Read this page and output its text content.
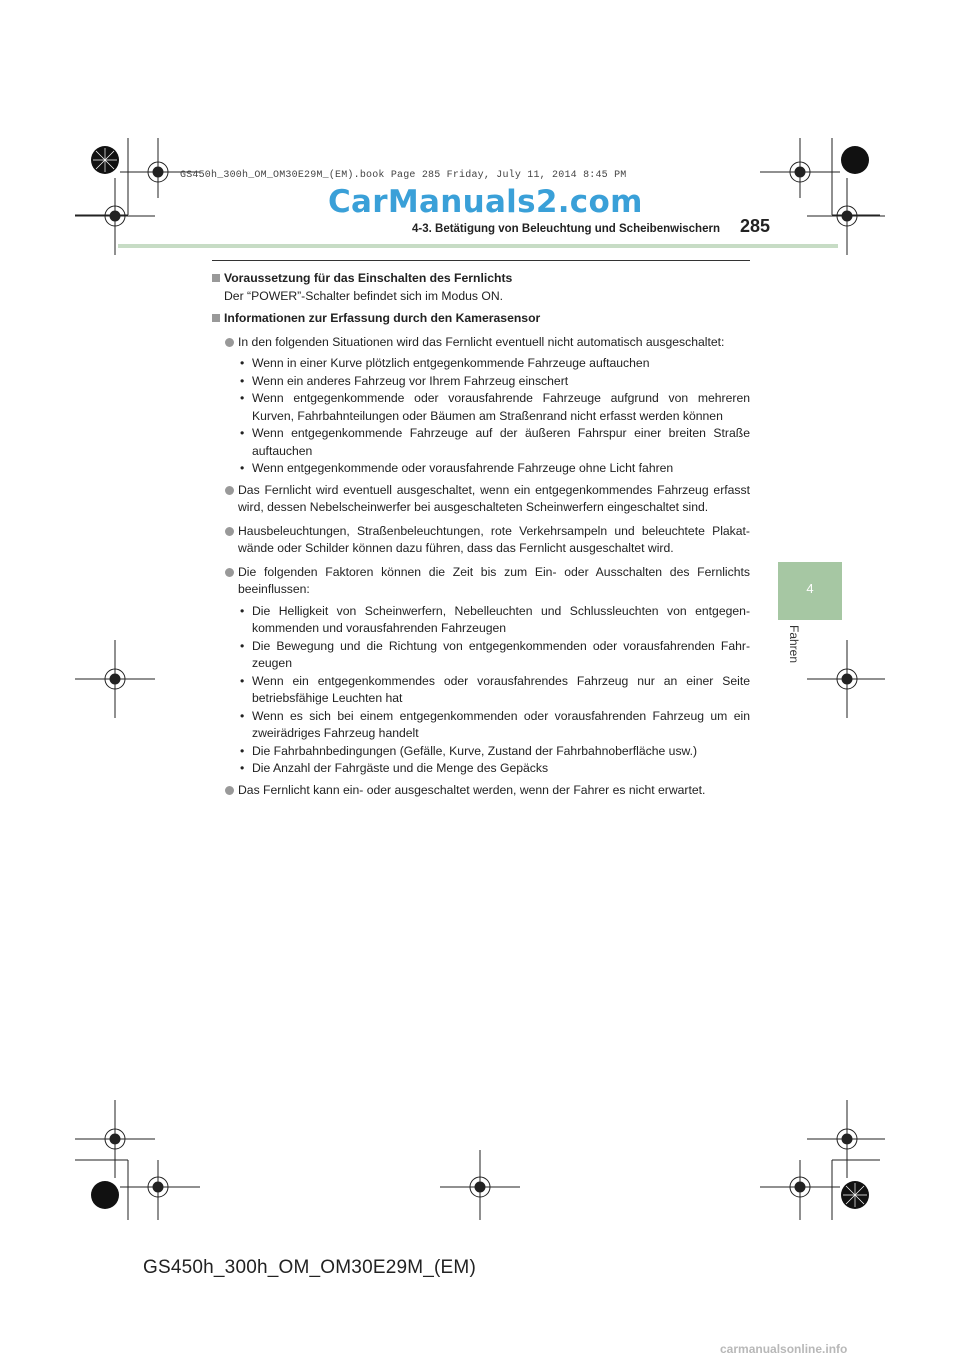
GS450h_300h_OM_OM30E29M_(EM).book Page 285 Friday, July 11, 2014 8:45 PM
CarManuals2.com
4-3. Betätigung von Beleuchtung und Scheibenwischern 285
4
Fahren
Voraussetzung für das Einschalten des Fernlichts
Der “POWER”-Schalter befindet sich im Modus ON.
Informationen zur Erfassung durch den Kamerasensor
In den folgenden Situationen wird das Fernlicht eventuell nicht automatisch ausgeschaltet:
• Wenn in einer Kurve plötzlich entgegenkommende Fahrzeuge auftauchen
• Wenn ein anderes Fahrzeug vor Ihrem Fahrzeug einschert
• Wenn entgegenkommende oder vorausfahrende Fahrzeuge aufgrund von mehreren Kurven, Fahrbahnteilungen oder Bäumen am Straßenrand nicht erfasst werden können
• Wenn entgegenkommende Fahrzeuge auf der äußeren Fahrspur einer breiten Straße auftauchen
• Wenn entgegenkommende oder vorausfahrende Fahrzeuge ohne Licht fahren
Das Fernlicht wird eventuell ausgeschaltet, wenn ein entgegenkommendes Fahrzeug erfasst wird, dessen Nebelscheinwerfer bei ausgeschalteten Scheinwerfern eingeschaltet sind.
Hausbeleuchtungen, Straßenbeleuchtungen, rote Verkehrsampeln und beleuchtete Plakat-wände oder Schilder können dazu führen, dass das Fernlicht ausgeschaltet wird.
Die folgenden Faktoren können die Zeit bis zum Ein- oder Ausschalten des Fernlichts beeinflussen:
• Die Helligkeit von Scheinwerfern, Nebelleuchten und Schlussleuchten von entgegen-kommenden und vorausfahrenden Fahrzeugen
• Die Bewegung und die Richtung von entgegenkommenden oder vorausfahrenden Fahr-zeugen
• Wenn ein entgegenkommendes oder vorausfahrendes Fahrzeug nur an einer Seite betriebsfähige Leuchten hat
• Wenn es sich bei einem entgegenkommenden oder vorausfahrenden Fahrzeug um ein zweirädriges Fahrzeug handelt
• Die Fahrbahnbedingungen (Gefälle, Kurve, Zustand der Fahrbahnoberfläche usw.)
• Die Anzahl der Fahrgäste und die Menge des Gepäcks
Das Fernlicht kann ein- oder ausgeschaltet werden, wenn der Fahrer es nicht erwartet.
GS450h_300h_OM_OM30E29M_(EM)
carmanualsonline.info
